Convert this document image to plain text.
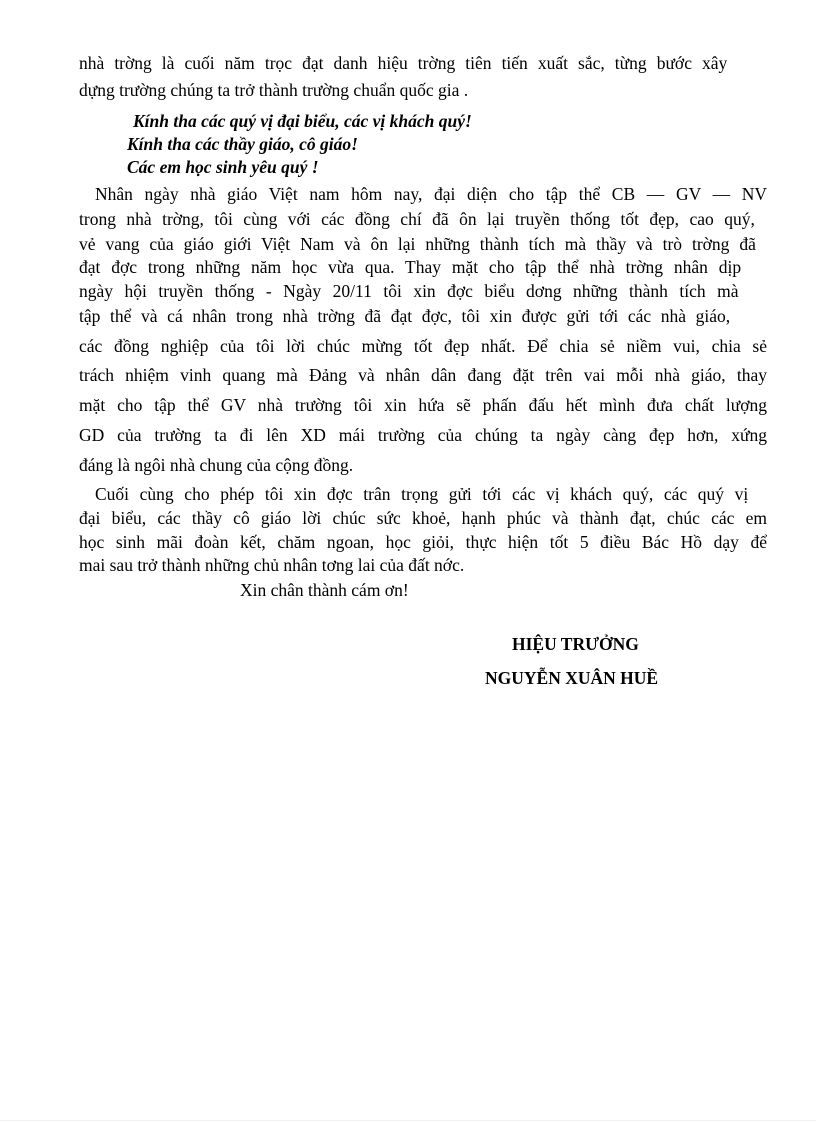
nhà trờng là cuối năm trọc đạt danh hiệu trờng tiên tiến xuất sắc, từng bước xây
dựng trường chúng ta trở thành trường chuẩn quốc gia .
Kính tha các quý vị đại biểu, các vị khách quý!
Kính tha các thầy giáo, cô giáo!
Các em học sinh yêu quý !
Nhân ngày nhà giáo Việt nam hôm nay, đại diện cho tập thể CB — GV — NV
trong nhà trờng, tôi cùng với các đồng chí đã ôn lại truyền thống tốt đẹp, cao quý,
vẻ vang của giáo giới Việt Nam và ôn lại những thành tích mà thầy và trò trờng đã
đạt đợc trong những năm học vừa qua. Thay mặt cho tập thể nhà trờng nhân dịp
ngày hội truyền thống - Ngày 20/11 tôi xin đợc biểu dơng những thành tích mà
tập thể và cá nhân trong nhà trờng đã đạt đợc, tôi xin được gửi tới các nhà giáo,
các đồng nghiệp của tôi lời chúc mừng tốt đẹp nhất. Để chia sẻ niềm vui, chia sẻ
trách nhiệm vinh quang mà Đảng và nhân dân đang đặt trên vai mỗi nhà giáo, thay
mặt cho tập thể GV nhà trường tôi xin hứa sẽ phấn đấu hết mình đưa chất lượng
GD của trường ta đi lên XD mái trường của chúng ta ngày càng đẹp hơn, xứng
đáng là ngôi nhà chung của cộng đồng.
Cuối cùng cho phép tôi xin đợc trân trọng gửi tới các vị khách quý, các quý vị
đại biểu, các thầy cô giáo lời chúc sức khoẻ, hạnh phúc và thành đạt, chúc các em
học sinh mãi đoàn kết, chăm ngoan, học giỏi, thực hiện tốt 5 điều Bác Hồ dạy để
mai sau trở thành những chủ nhân tơng lai của đất nớc.
Xin chân thành cám ơn!
HIỆU TRƯỞNG
NGUYỄN XUÂN HUỀ
